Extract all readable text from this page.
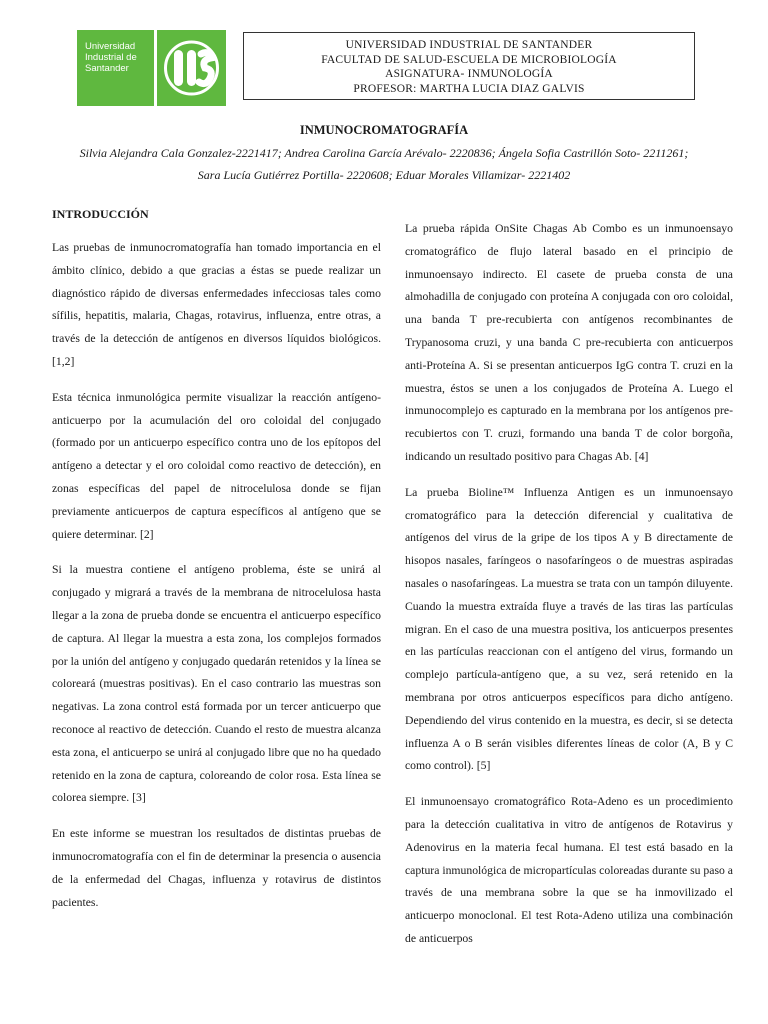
Universidad
Industrial de
Santander
UNIVERSIDAD INDUSTRIAL DE SANTANDER
FACULTAD DE SALUD-ESCUELA DE MICROBIOLOGÍA
ASIGNATURA- INMUNOLOGÍA
PROFESOR: MARTHA LUCIA DIAZ GALVIS
INMUNOCROMATOGRAFÍA
Silvia Alejandra Cala Gonzalez-2221417; Andrea Carolina García Arévalo- 2220836; Ángela Sofia Castrillón Soto- 2211261;
Sara Lucía Gutiérrez Portilla- 2220608; Eduar Morales Villamizar- 2221402
INTRODUCCIÓN

Las pruebas de inmunocromatografía han tomado importancia en el ámbito clínico, debido a que gracias a éstas se puede realizar un diagnóstico rápido de diversas enfermedades infecciosas tales como sífilis, hepatitis, malaria, Chagas, rotavirus, influenza, entre otras, a través de la detección de antígenos en diversos líquidos biológicos. [1,2]

Esta técnica inmunológica permite visualizar la reacción antígeno-anticuerpo por la acumulación del oro coloidal del conjugado (formado por un anticuerpo específico contra uno de los epítopos del antígeno a detectar y el oro coloidal como reactivo de detección), en zonas específicas del papel de nitrocelulosa donde se fijan previamente anticuerpos de captura específicos al antígeno que se quiere determinar. [2]

Si la muestra contiene el antígeno problema, éste se unirá al conjugado y migrará a través de la membrana de nitrocelulosa hasta llegar a la zona de prueba donde se encuentra el anticuerpo específico de captura. Al llegar la muestra a esta zona, los complejos formados por la unión del antígeno y conjugado quedarán retenidos y la línea se coloreará (muestras positivas). En el caso contrario las muestras son negativas. La zona control está formada por un tercer anticuerpo que reconoce al reactivo de detección. Cuando el resto de muestra alcanza esta zona, el anticuerpo se unirá al conjugado libre que no ha quedado retenido en la zona de captura, coloreando de color rosa. Esta línea se colorea siempre. [3]

En este informe se muestran los resultados de distintas pruebas de inmunocromatografía con el fin de determinar la presencia o ausencia de la enfermedad del Chagas, influenza y rotavirus de distintos pacientes.

La prueba rápida OnSite Chagas Ab Combo es un inmunoensayo cromatográfico de flujo lateral basado en el principio de inmunoensayo indirecto. El casete de prueba consta de una almohadilla de conjugado con proteína A conjugada con oro coloidal, una banda T pre-recubierta con antígenos recombinantes de Trypanosoma cruzi, y una banda C pre-recubierta con anticuerpos anti-Proteína A. Si se presentan anticuerpos IgG contra T. cruzi en la muestra, éstos se unen a los conjugados de Proteína A. Luego el inmunocomplejo es capturado en la membrana por los antígenos pre-recubiertos con T. cruzi, formando una banda T de color borgoña, indicando un resultado positivo para Chagas Ab. [4]

La prueba Bioline™ Influenza Antigen es un inmunoensayo cromatográfico para la detección diferencial y cualitativa de antígenos del virus de la gripe de los tipos A y B directamente de hisopos nasales, faríngeos o nasofaríngeos o de muestras aspiradas nasales o nasofaríngeas. La muestra se trata con un tampón diluyente. Cuando la muestra extraída fluye a través de las tiras las partículas migran. En el caso de una muestra positiva, los anticuerpos presentes en las partículas reaccionan con el antígeno del virus, formando un complejo partícula-antígeno que, a su vez, será retenido en la membrana por otros anticuerpos específicos para dicho antígeno. Dependiendo del virus contenido en la muestra, es decir, si se detecta influenza A o B serán visibles diferentes líneas de color (A, B y C como control). [5]

El inmunoensayo cromatográfico Rota-Adeno es un procedimiento para la detección cualitativa in vitro de antígenos de Rotavirus y Adenovirus en la materia fecal humana. El test está basado en la captura inmunológica de micropartículas coloreadas durante su paso a través de una membrana sobre la que se ha inmovilizado el anticuerpo monoclonal. El test Rota-Adeno utiliza una combinación de anticuerpos
